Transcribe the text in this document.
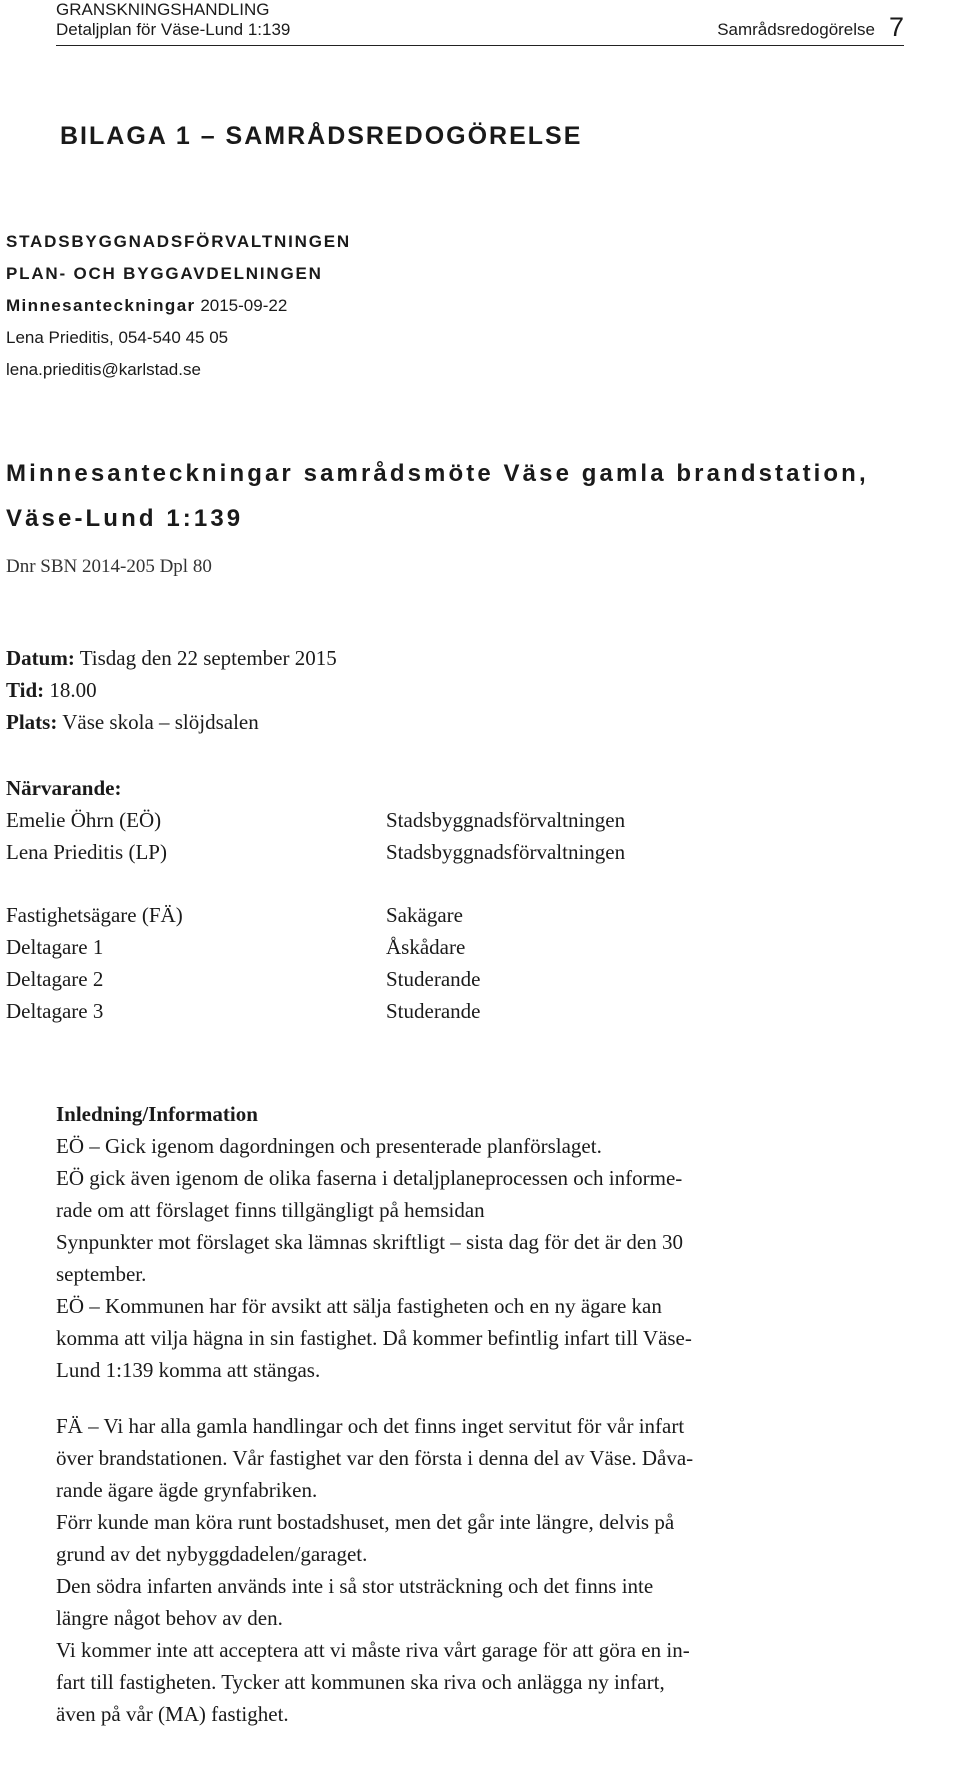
GRANSKNINGSHANDLING
Detaljplan för Väse-Lund 1:139	Samrådsredogörelse 7
BILAGA 1 – SAMRÅDSREDOGÖRELSE
STADSBYGGNADSFÖRVALTNINGEN
PLAN- OCH BYGGAVDELNINGEN
Minnesanteckningar 2015-09-22
Lena Prieditis, 054-540 45 05
lena.prieditis@karlstad.se
Minnesanteckningar samrådsmöte Väse gamla brandstation,
Väse-Lund 1:139
Dnr SBN 2014-205 Dpl 80
Datum: Tisdag den 22 september 2015
Tid: 18.00
Plats: Väse skola – slöjdsalen
Närvarande:
Emelie Öhrn (EÖ)	Stadsbyggnadsförvaltningen
Lena Prieditis (LP)	Stadsbyggnadsförvaltningen
Fastighetsägare (FÄ)	Sakägare
Deltagare 1	Åskådare
Deltagare 2	Studerande
Deltagare 3	Studerande

Inledning/Information

EÖ – Gick igenom dagordningen och presenterade planförslaget.

EÖ gick även igenom de olika faserna i detaljplaneprocessen och informe-

rade om att förslaget finns tillgängligt på hemsidan

Synpunkter mot förslaget ska lämnas skriftligt – sista dag för det är den 30

september.

EÖ – Kommunen har för avsikt att sälja fastigheten och en ny ägare kan

komma att vilja hägna in sin fastighet. Då kommer befintlig infart till Väse-

Lund 1:139 komma att stängas.

FÄ – Vi har alla gamla handlingar och det finns inget servitut för vår infart

över brandstationen. Vår fastighet var den första i denna del av Väse. Dåva-

rande ägare ägde grynfabriken.

Förr kunde man köra runt bostadshuset, men det går inte längre, delvis på

grund av det nybyggdadelen/garaget.

Den södra infarten används inte i så stor utsträckning och det finns inte

längre något behov av den.

Vi kommer inte att acceptera att vi måste riva vårt garage för att göra en in-

fart till fastigheten. Tycker att kommunen ska riva och anlägga ny infart,

även på vår (MA) fastighet.
